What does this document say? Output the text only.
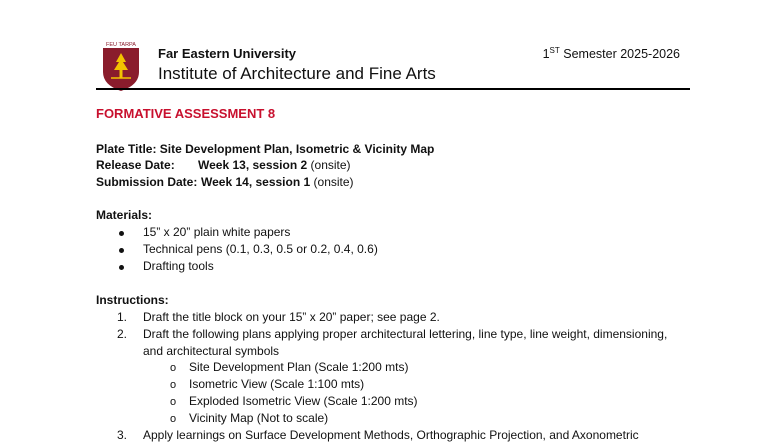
FEU TARPA
Far Eastern University
Institute of Architecture and Fine Arts
1ST Semester 2025-2026
FORMATIVE ASSESSMENT 8
Plate Title: Site Development Plan, Isometric & Vicinity Map
Release Date: Week 13, session 2 (onsite)
Submission Date: Week 14, session 1 (onsite)
Materials:
15” x 20” plain white papers
Technical pens (0.1, 0.3, 0.5 or 0.2, 0.4, 0.6)
Drafting tools
Instructions:
1. Draft the title block on your 15” x 20” paper; see page 2.
2. Draft the following plans applying proper architectural lettering, line type, line weight, dimensioning,
and architectural symbols
o Site Development Plan (Scale 1:200 mts)
o Isometric View (Scale 1:100 mts)
o Exploded Isometric View (Scale 1:200 mts)
o Vicinity Map (Not to scale)
3. Apply learnings on Surface Development Methods, Orthographic Projection, and Axonometric
